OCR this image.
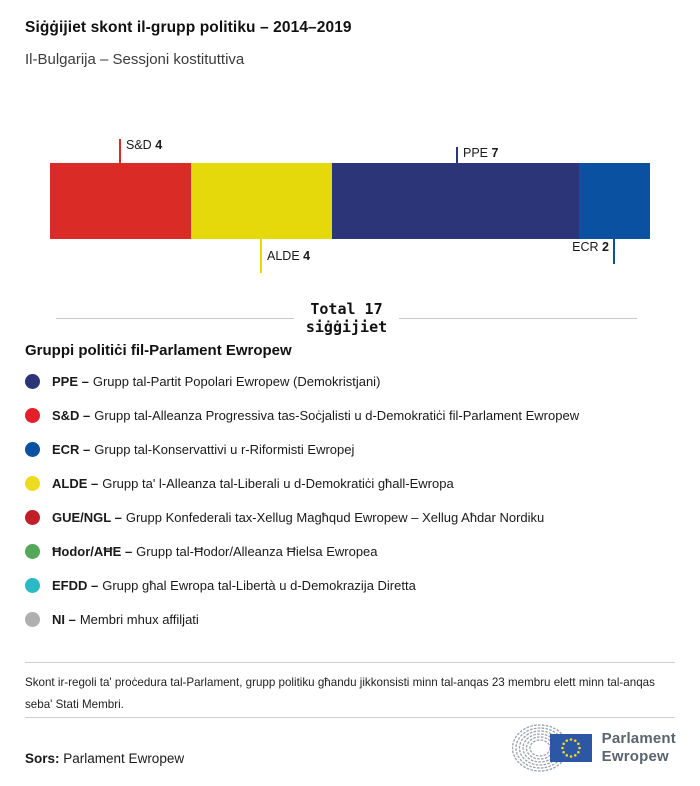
Siġġijiet skont il-grupp politiku – 2014–2019
Il-Bulgarija – Sessjoni kostituttiva
S&D 4
PPE 7
ALDE 4
ECR 2
Total 17
siġġijiet
Gruppi politiċi fil-Parlament Ewropew
PPE – Grupp tal-Partit Popolari Ewropew (Demokristjani)
S&D – Grupp tal-Alleanza Progressiva tas-Soċjalisti u d-Demokratiċi fil-Parlament Ewropew
ECR – Grupp tal-Konservattivi u r-Riformisti Ewropej
ALDE – Grupp ta' l-Alleanza tal-Liberali u d-Demokratiċi għall-Ewropa
GUE/NGL – Grupp Konfederali tax-Xellug Magħqud Ewropew – Xellug Aħdar Nordiku
Ħodor/AĦE – Grupp tal-Ħodor/Alleanza Ħielsa Ewropea
EFDD – Grupp għal Ewropa tal-Libertà u d-Demokrazija Diretta
NI – Membri mhux affiljati
Skont ir-regoli ta' proċedura tal-Parlament, grupp politiku għandu jikkonsisti minn tal-anqas 23 membru elett minn tal-anqas seba' Stati Membri.
Sors: Parlament Ewropew
Parlament
Ewropew
